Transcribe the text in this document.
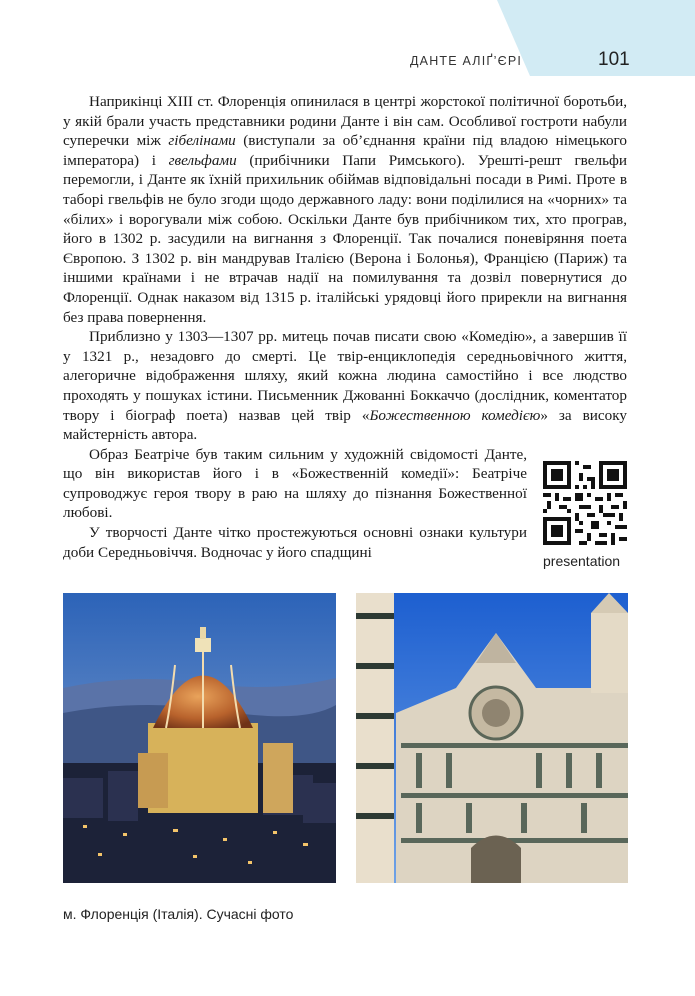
ДАНТЕ АЛІҐ’ЄРІ	101

Наприкінці XIII ст. Флоренція опинилася в центрі жорстокої політичної боротьби, у якій брали участь представники родини Данте і він сам. Особливої гостроти набули суперечки між гібелінами (виступали за об’єднання країни під владою німецького імператора) і гвельфами (прибічники Папи Римського). Урешті-решт гвельфи перемогли, і Данте як їхній прихильник обіймав відповідальні посади в Римі. Проте в таборі гвельфів не було згоди щодо державного ладу: вони поділилися на «чорних» та «білих» і ворогували між собою. Оскільки Данте був прибічником тих, хто програв, його в 1302 р. засудили на вигнання з Флоренції. Так почалися поневіряння поета Європою. З 1302 р. він мандрував Італією (Верона і Болонья), Францією (Париж) та іншими країнами і не втрачав надії на помилування та дозвіл повернутися до Флоренції. Однак наказом від 1315 р. італійські урядовці його прирекли на вигнання без права повернення.

Приблизно у 1303—1307 рр. митець почав писати свою «Комедію», а завершив її у 1321 р., незадовго до смерті. Це твір-енциклопедія середньовічного життя, алегоричне відображення шляху, який кожна людина самостійно і все людство проходять у пошуках істини. Письменник Джованні Боккаччо (дослідник, коментатор твору і біограф поета) назвав цей твір «Божественною комедією» за високу майстерність автора.

Образ Беатріче був таким сильним у художній свідомості Данте, що він використав його і в «Божественній комедії»: Беатріче супроводжує героя твору в раю на шляху до пізнання Божественної любові.

У творчості Данте чітко простежуються основні ознаки культури доби Середньовіччя. Водночас у його спадщині

presentation
м. Флоренція (Італія). Сучасні фото
